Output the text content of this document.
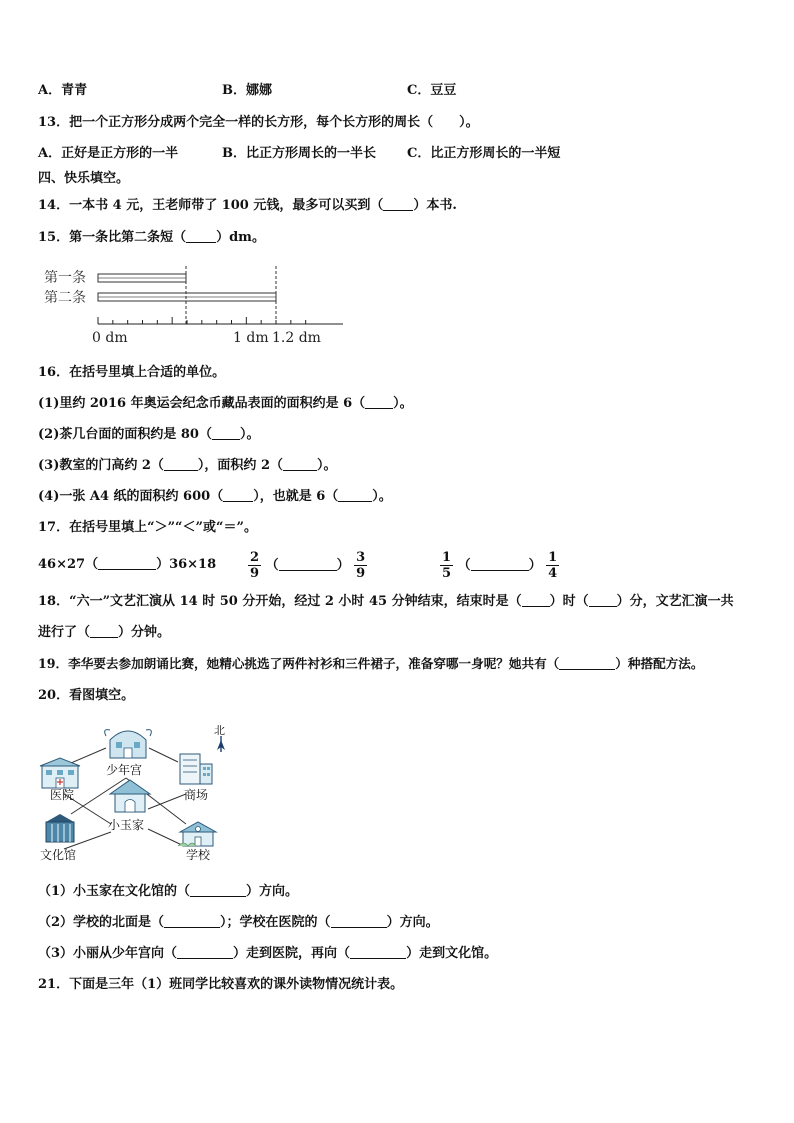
A．青青	B．娜娜	C．豆豆
13．把一个正方形分成两个完全一样的长方形，每个长方形的周长（　　）。
A．正好是正方形的一半	B．比正方形周长的一半长 C．比正方形周长的一半短
四、快乐填空。
14．一本书 4 元，王老师带了 100 元钱，最多可以买到（ ）本书.
15．第一条比第二条短（ ）dm。
第一条
第二条
0 dm	1 dm 1.2 dm
16．在括号里填上合适的单位。
(1)里约 2016 年奥运会纪念币藏品表面的面积约是 6（ ）。
(2)茶几台面的面积约是 80（ ）。
(3)教室的门高约 2（	），面积约 2（	）。
(4)一张 A4 纸的面积约 600（ ），也就是 6（	）。
17．在括号里填上“＞”“＜”或“＝”。
46×27（	）$36\times 18 \frac{2}{9}$ （	） $\frac{3}{9}$	$\frac{1}{5}$ （	） $\frac{1}{4}$
18．“六一”文艺汇演从 14 时 50 分开始，经过 2 小时 45 分钟结束，结束时是（ ）时（ ）分，文艺汇演一共
进行了（ ）分钟。
19．李华要去参加朗诵比赛，她精心挑选了两件衬衫和三件裙子，准备穿哪一身呢？她共有（	）种搭配方法。
20．看图填空。
北
少年宫
医院	商场
小玉家
文化馆	学校
（1）小玉家在文化馆的（	）方向。
（2）学校的北面是（	）；学校在医院的（	）方向。
（3）小丽从少年宫向（	）走到医院，再向（	）走到文化馆。
21．下面是三年（1）班同学比较喜欢的课外读物情况统计表。
